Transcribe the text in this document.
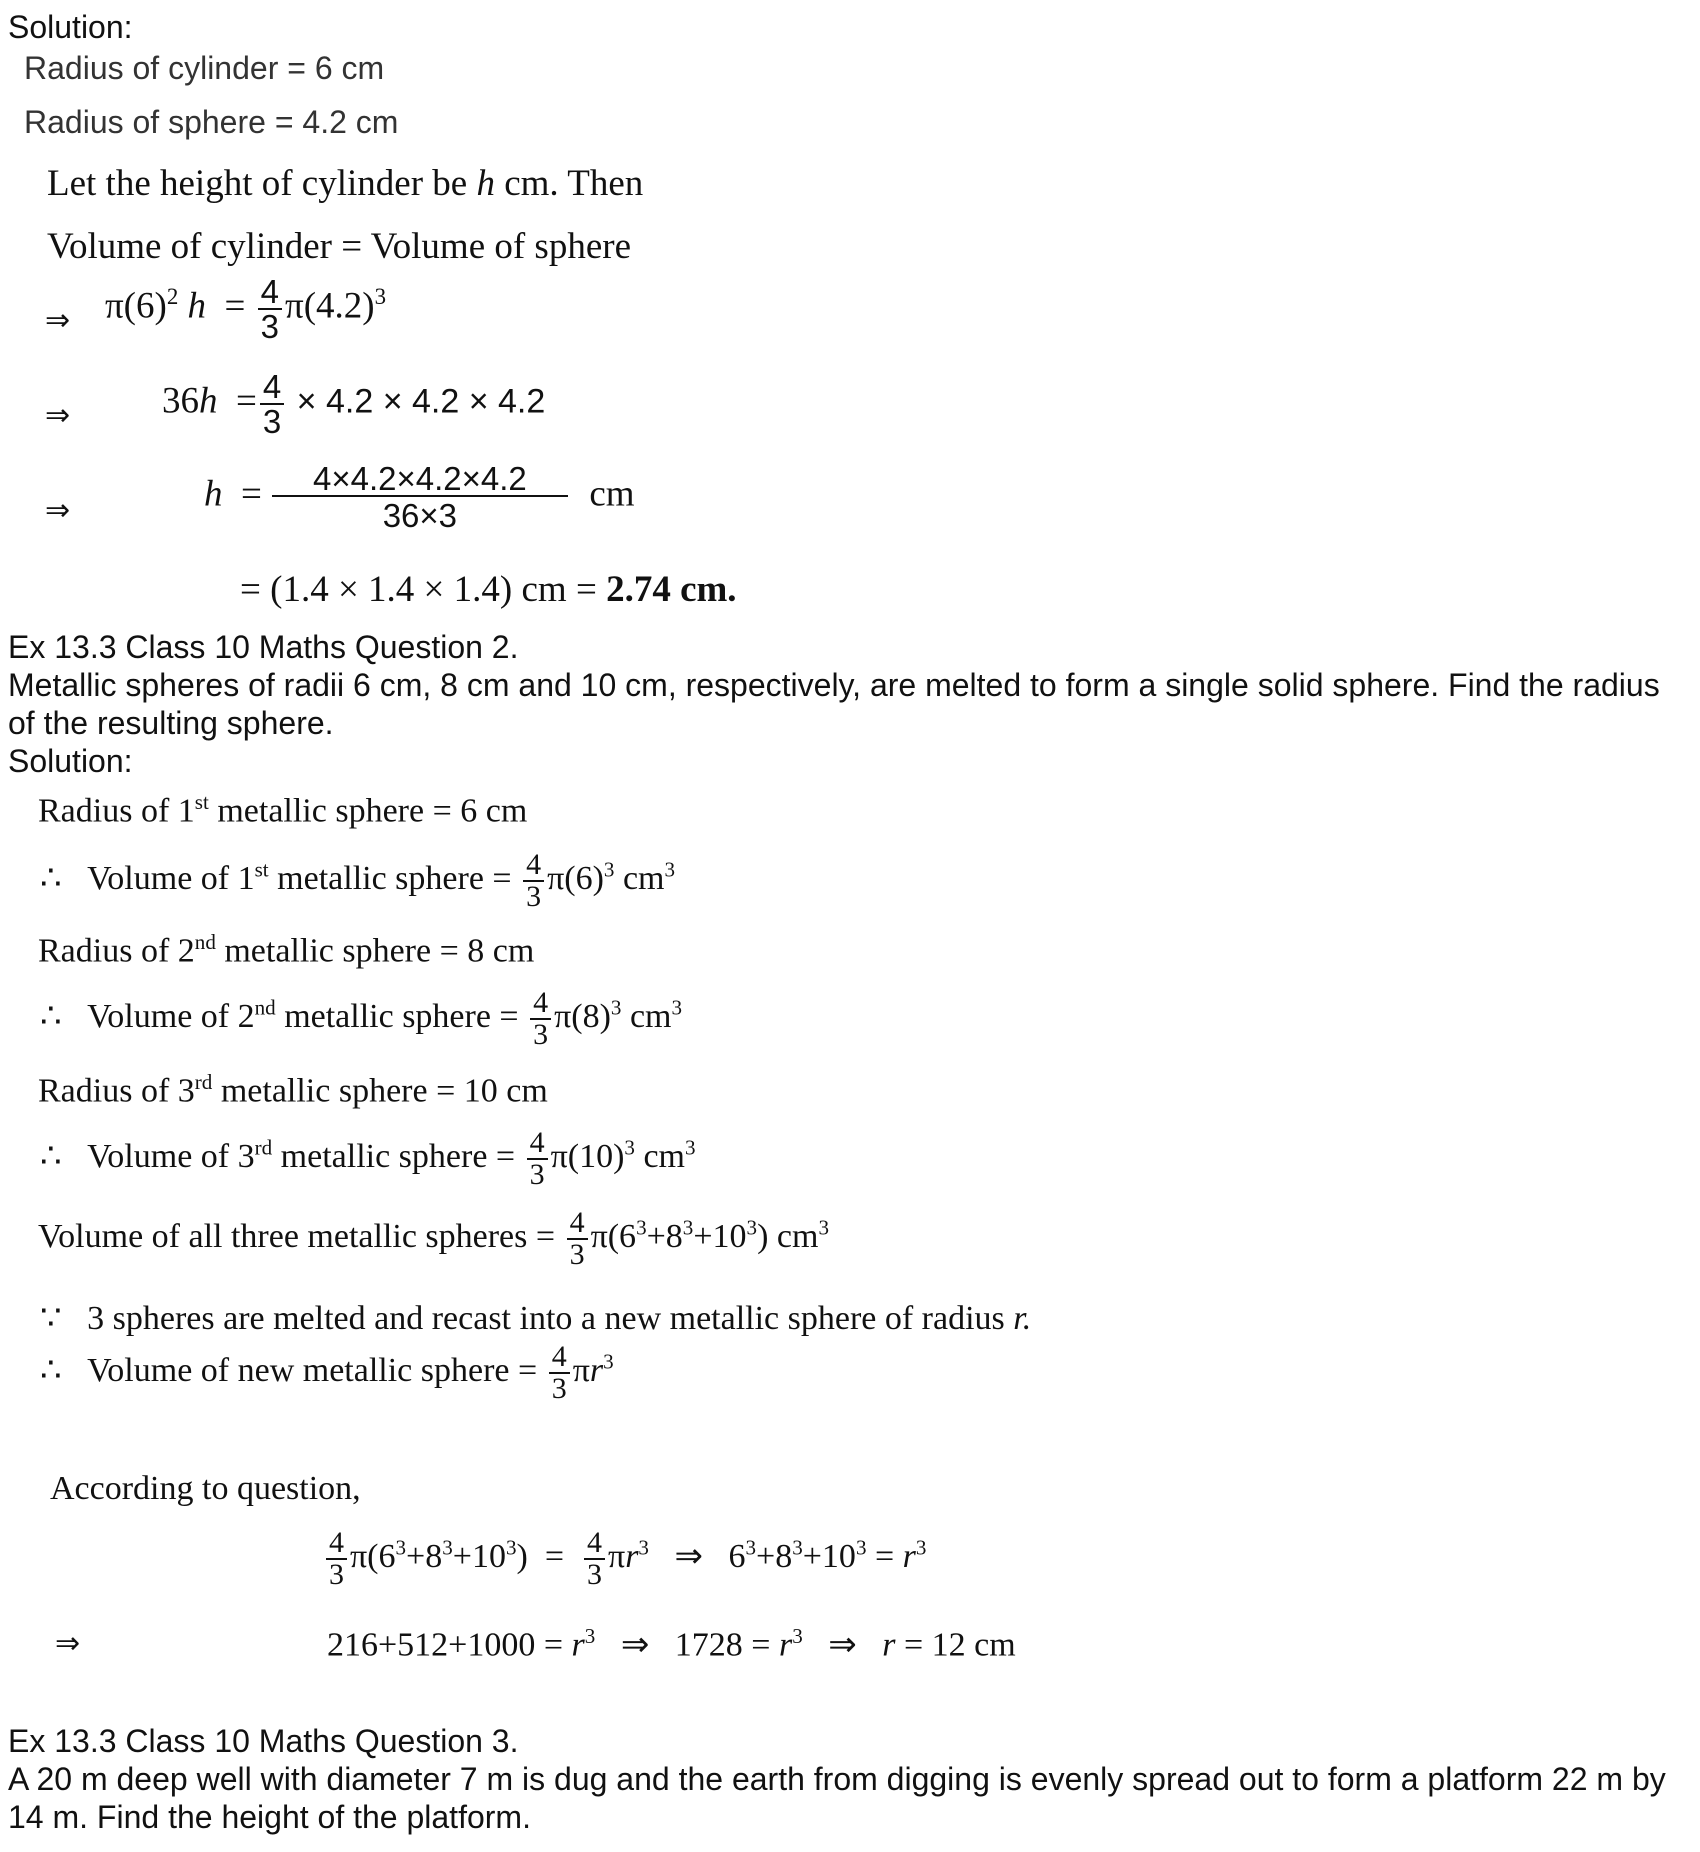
Solution:
Radius of cylinder = 6 cm
Radius of sphere = 4.2 cm
Let the height of cylinder be h cm. Then
Volume of cylinder = Volume of sphere
⇒ $\pi(6)^2$ $h = \frac{4}{3} \pi(4.2)^3$
⇒ $36h = \frac{4}{3} \times 4.2 \times 4.2 \times 4.2$
⇒	$h = \frac{4\times 4.2\times 4.2\times 4.2}{36\times 3}$ cm
= (1.4 × 1.4 × 1.4) cm = 2.74 cm.
Ex 13.3 Class 10 Maths Question 2.
Metallic spheres of radii 6 cm, 8 cm and 10 cm, respectively, are melted to form a single solid sphere. Find the radius of the resulting sphere.
Solution:
Radius of 1st metallic sphere = 6 cm
∴   Volume of 1st metallic sphere = $\frac{4}{3} \pi(6)^3$ $cm^3$
Radius of 2nd metallic sphere = 8 cm
∴   Volume of 2nd metallic sphere = $\frac{4}{3} \pi(8)^3$ $cm^3$
Radius of 3rd metallic sphere = 10 cm
∴   Volume of 3rd metallic sphere = $\frac{4}{3} \pi(10)^3$ $cm^3$
Volume of all three metallic spheres = $\frac{4}{3} \pi(6^3+8^3+10^3)$ $cm^3$
∵   3 spheres are melted and recast into a new metallic sphere of radius r.
∴   Volume of new metallic sphere = $\frac{4}{3} \pi r^3$
According to question,
$\frac{4}{3} \pi(6^3+8^3+10^3) = \frac{4}{3} \pi r^3$   ⇒   $6^3+8^3+10^3 = r^3$
⇒	$216+512+1000 = r^3$   ⇒   $1728 = r^3$   ⇒   r = 12 cm
Ex 13.3 Class 10 Maths Question 3.
A 20 m deep well with diameter 7 m is dug and the earth from digging is evenly spread out to form a platform 22 m by 14 m. Find the height of the platform.
